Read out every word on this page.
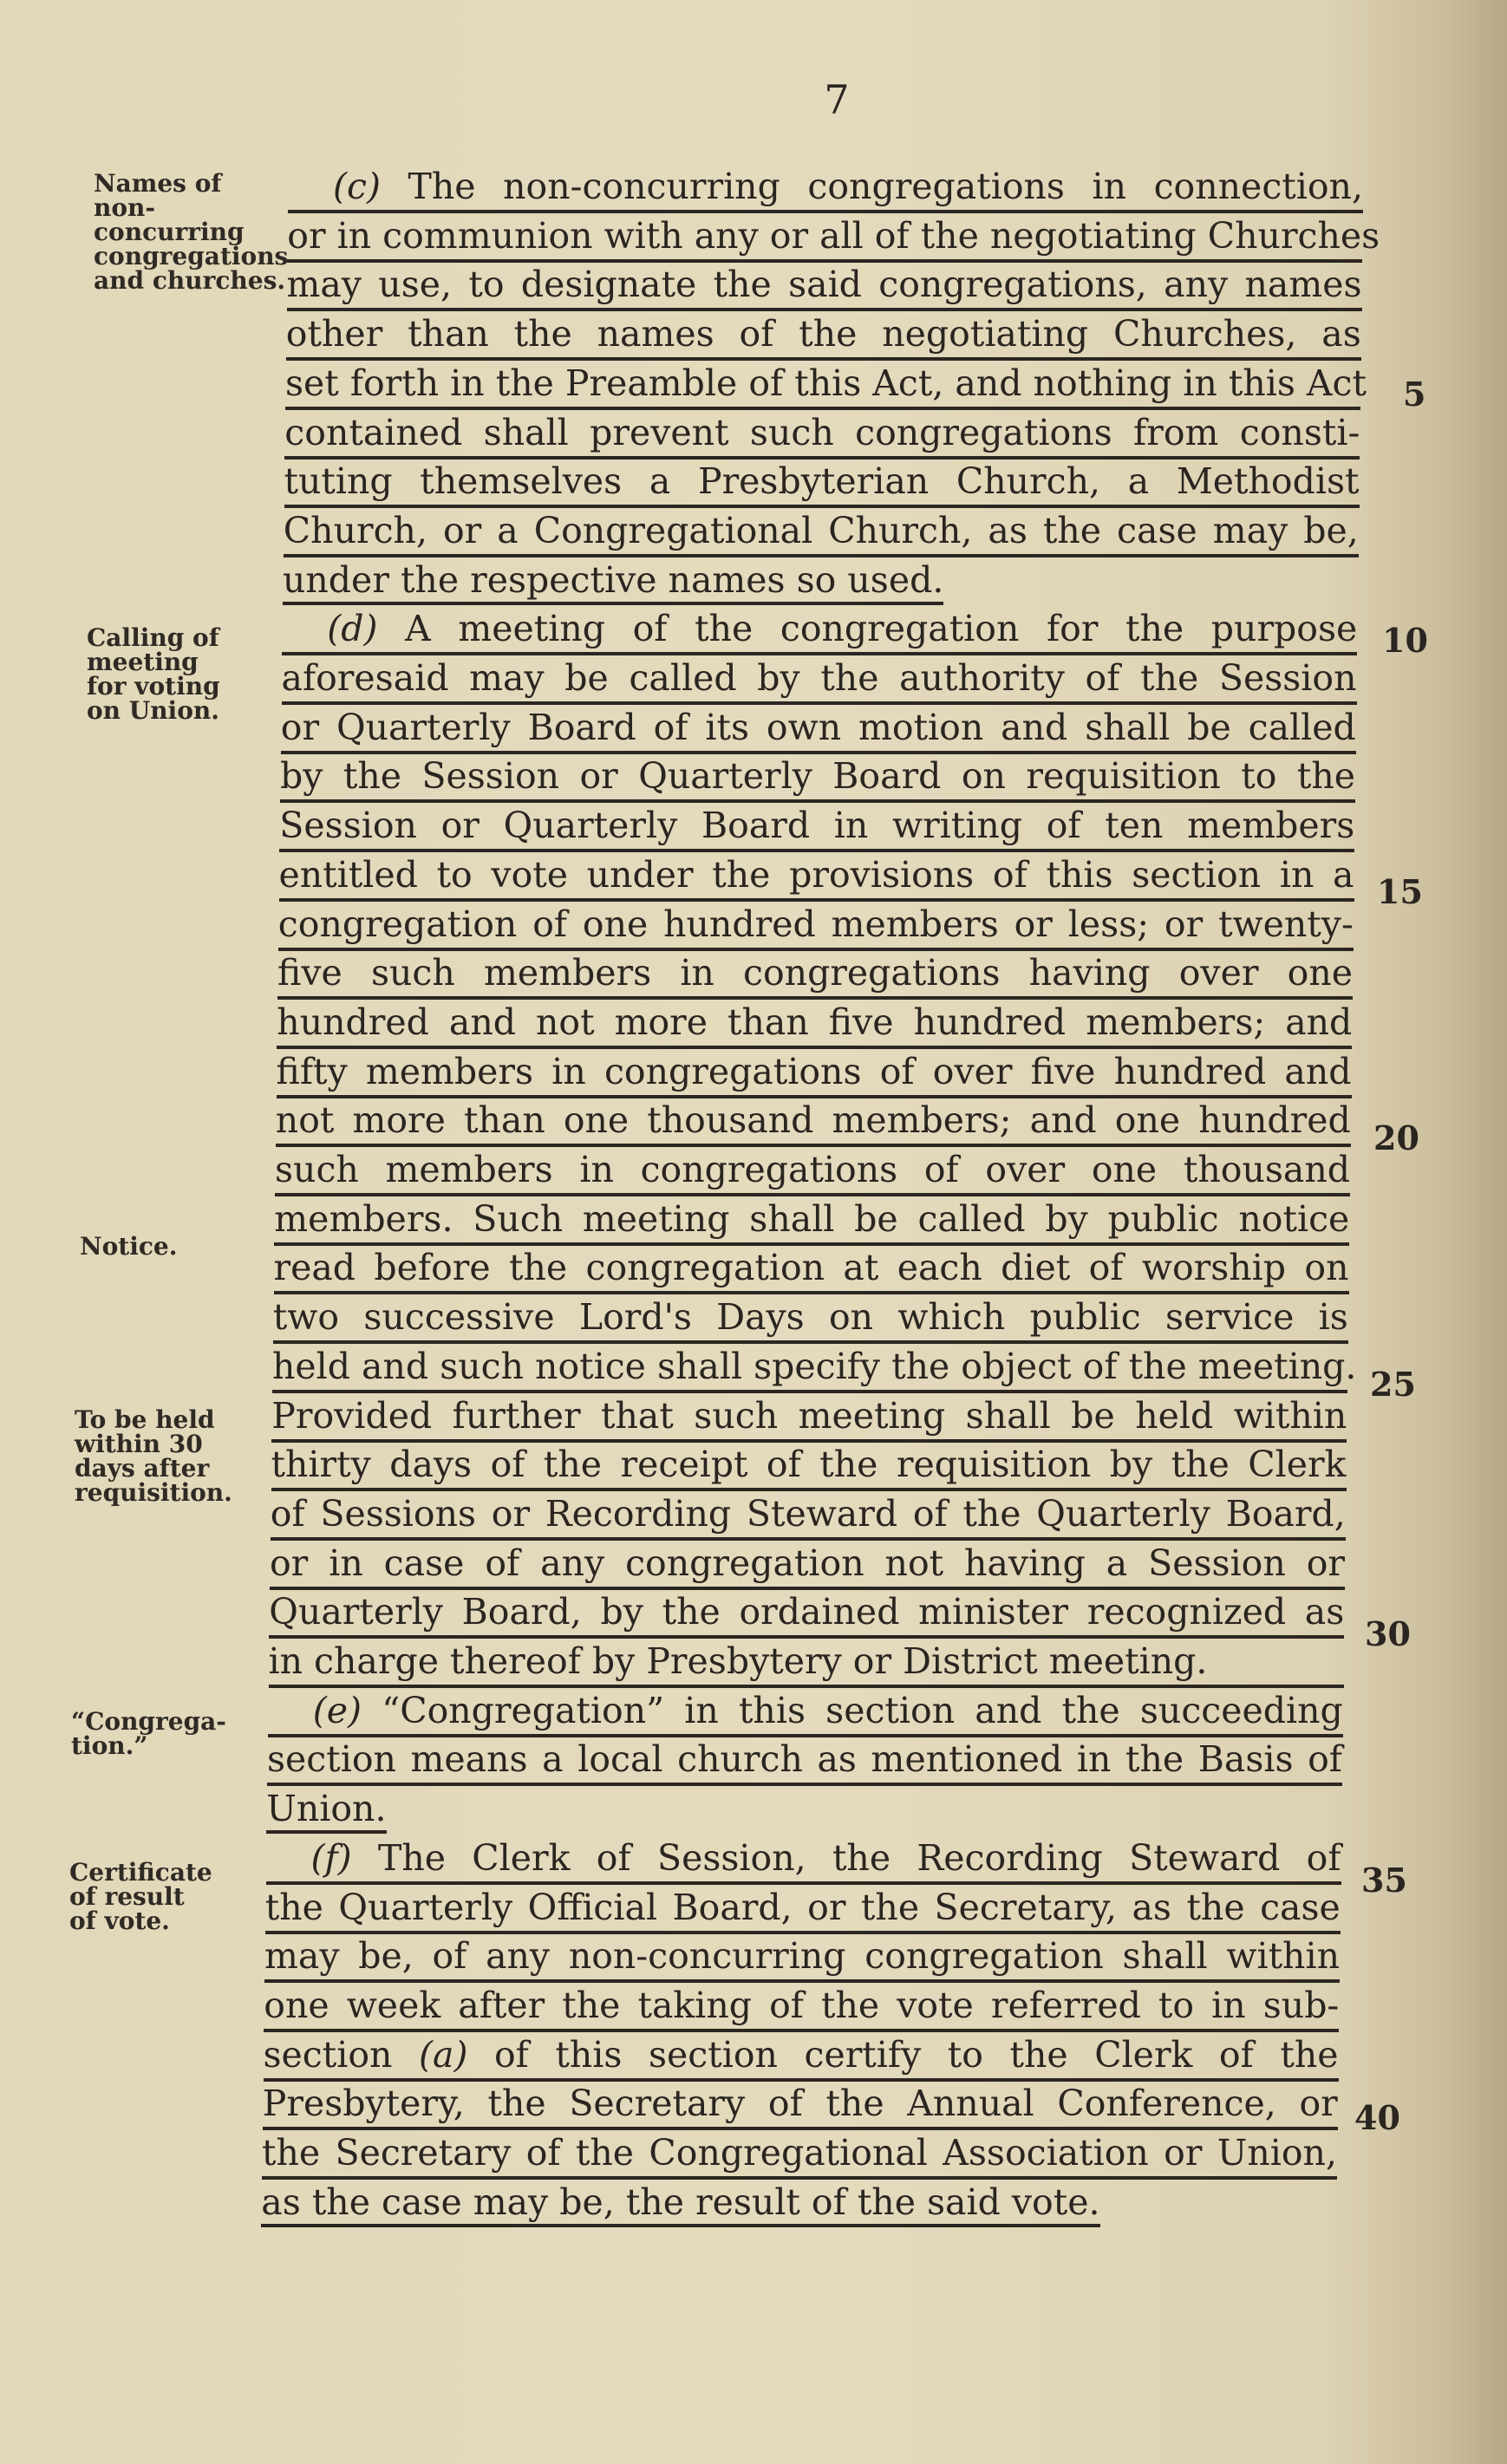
7
Names of
non-concurring
congregations
and churches.
Calling of
meeting
for voting
on Union.
Notice.
To be held
within 30
days after
requisition.
“Congrega-
tion.”
Certificate
of result
of vote.
(c) The non-concurring congregations in connection,
or in communion with any or all of the negotiating Churches
may use, to designate the said congregations, any names
other than the names of the negotiating Churches, as
set forth in the Preamble of this Act, and nothing in this Act
contained shall prevent such congregations from consti-
tuting themselves a Presbyterian Church, a Methodist
Church, or a Congregational Church, as the case may be,
under the respective names so used.
(d) A meeting of the congregation for the purpose
aforesaid may be called by the authority of the Session
or Quarterly Board of its own motion and shall be called
by the Session or Quarterly Board on requisition to the
Session or Quarterly Board in writing of ten members
entitled to vote under the provisions of this section in a
congregation of one hundred members or less; or twenty-
five such members in congregations having over one
hundred and not more than five hundred members; and
fifty members in congregations of over five hundred and
not more than one thousand members; and one hundred
such members in congregations of over one thousand
members. Such meeting shall be called by public notice
read before the congregation at each diet of worship on
two successive Lord's Days on which public service is
held and such notice shall specify the object of the meeting.
Provided further that such meeting shall be held within
thirty days of the receipt of the requisition by the Clerk
of Sessions or Recording Steward of the Quarterly Board,
or in case of any congregation not having a Session or
Quarterly Board, by the ordained minister recognized as
in charge thereof by Presbytery or District meeting.
(e) “Congregation” in this section and the succeeding
section means a local church as mentioned in the Basis of
Union.
(f) The Clerk of Session, the Recording Steward of
the Quarterly Official Board, or the Secretary, as the case
may be, of any non-concurring congregation shall within
one week after the taking of the vote referred to in sub-
section (a) of this section certify to the Clerk of the
Presbytery, the Secretary of the Annual Conference, or
the Secretary of the Congregational Association or Union,
as the case may be, the result of the said vote.
5
10
15
20
25
30
35
40
